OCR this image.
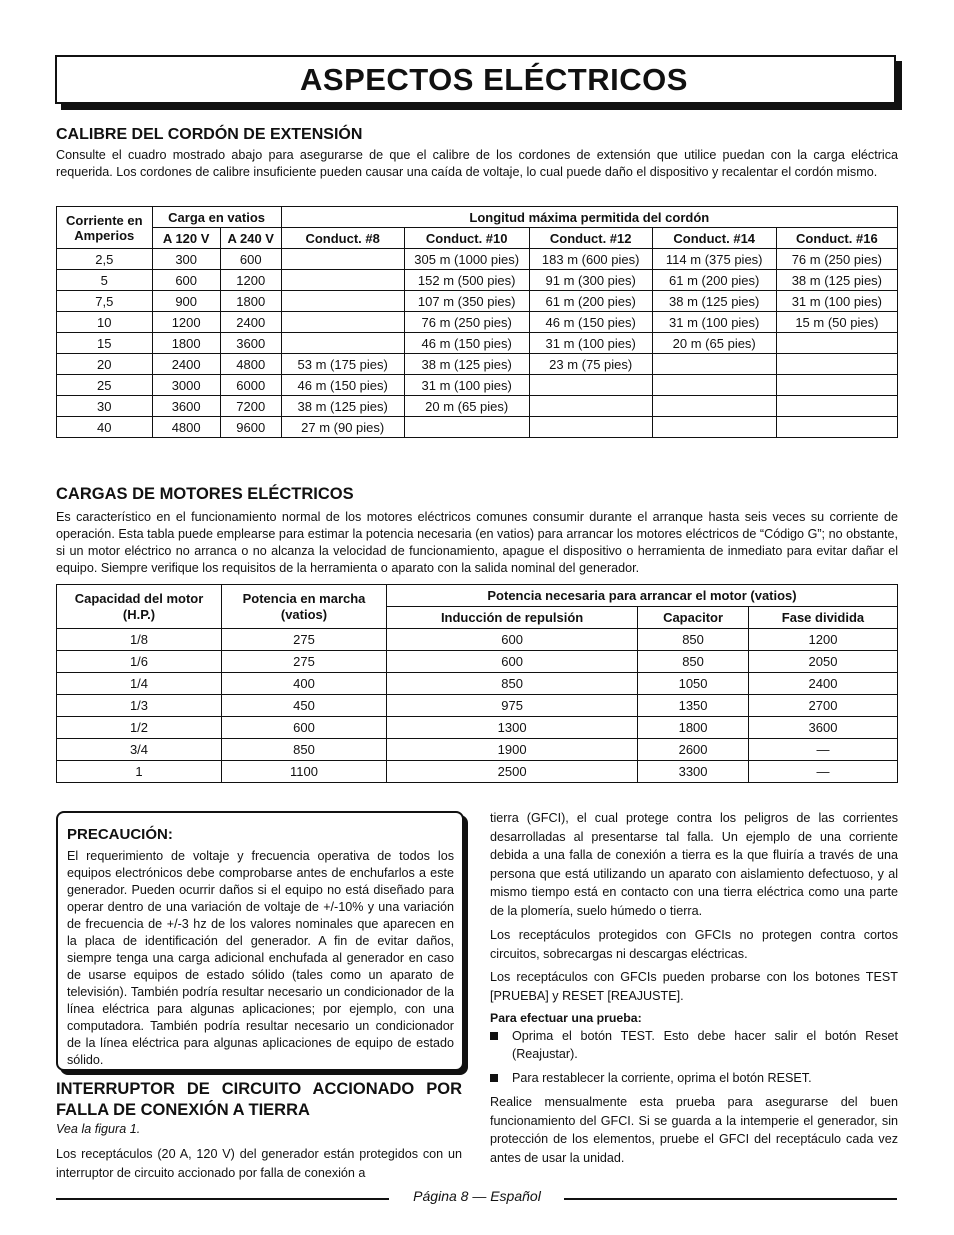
ASPECTOS ELÉCTRICOS
CALIBRE DEL CORDÓN DE EXTENSIÓN

Consulte el cuadro mostrado abajo para asegurarse de que el calibre de los cordones de extensión que utilice puedan con la carga eléctrica requerida. Los cordones de calibre insuficiente pueden causar una caída de voltaje, lo cual puede daño el dispositivo y recalentar el cordón mismo.

Corriente en Amperios	Carga en vatios		Longitud máxima permitida del cordón				
	A 120 V	A 240 V	Conduct. #8	Conduct. #10	Conduct. #12	Conduct. #14	Conduct. #16
2,5	300	600		305 m (1000 pies)	183 m (600 pies)	114 m (375 pies)	76 m (250 pies)
5	600	1200		152 m (500 pies)	91 m (300 pies)	61 m (200 pies)	38 m (125 pies)
7,5	900	1800		107 m (350 pies)	61 m (200 pies)	38 m (125 pies)	31 m (100 pies)
10	1200	2400		76 m (250 pies)	46 m (150 pies)	31 m (100 pies)	15 m (50 pies)
15	1800	3600		46 m (150 pies)	31 m (100 pies)	20 m (65 pies)	
20	2400	4800	53 m (175 pies)	38 m (125 pies)	23 m (75 pies)		
25	3000	6000	46 m (150 pies)	31 m (100 pies)			
30	3600	7200	38 m (125 pies)	20 m (65 pies)			
40	4800	9600	27 m (90 pies)				
CARGAS DE MOTORES ELÉCTRICOS

Es característico en el funcionamiento normal de los motores eléctricos comunes consumir durante el arranque hasta seis veces su corriente de operación. Esta tabla puede emplearse para estimar la potencia necesaria (en vatios) para arrancar los motores eléctricos de “Código G”; no obstante, si un motor eléctrico no arranca o no alcanza la velocidad de funcionamiento, apague el dispositivo o herramienta de inmediato para evitar dañar el equipo. Siempre verifique los requisitos de la herramienta o aparato con la salida nominal del generador.

Capacidad del motor (H.P.)	Potencia en marcha (vatios)	Potencia necesaria para arrancar el motor (vatios)		
		Inducción de repulsión	Capacitor	Fase dividida
1/8	275	600	850	1200
1/6	275	600	850	2050
1/4	400	850	1050	2400
1/3	450	975	1350	2700
1/2	600	1300	1800	3600
3/4	850	1900	2600	—
1	1100	2500	3300	—
PRECAUCIÓN:

El requerimiento de voltaje y frecuencia operativa de todos los equipos electrónicos debe comprobarse antes de enchufarlos a este generador. Pueden ocurrir daños si el equipo no está diseñado para operar dentro de una variación de voltaje de +/-10% y una variación de frecuencia de +/-3 hz de los valores nominales que aparecen en la placa de identificación del generador. A fin de evitar daños, siempre tenga una carga adicional enchufada al generador en caso de usarse equipos de estado sólido (tales como un aparato de televisión). También podría resultar necesario un condicionador de la línea eléctrica para algunas aplicaciones; por ejemplo, con una computadora. También podría resultar necesario un condicionador de la línea eléctrica para algunas aplicaciones de equipo de estado sólido.

INTERRUPTOR DE CIRCUITO ACCIONADO POR FALLA DE CONEXIÓN A TIERRA
Vea la figura 1.

Los receptáculos (20 A, 120 V) del generador están protegidos con un interruptor de circuito accionado por falla de conexión a

tierra (GFCI), el cual protege contra los peligros de las corrientes desarrolladas al presentarse tal falla. Un ejemplo de una corriente debida a una falla de conexión a tierra es la que fluiría a través de una persona que está utilizando un aparato con aislamiento defectuoso, y al mismo tiempo está en contacto con una tierra eléctrica como una parte de la plomería, suelo húmedo o tierra.

Los receptáculos protegidos con GFCIs no protegen contra cortos circuitos, sobrecargas ni descargas eléctricas.

Los receptáculos con GFCIs pueden probarse con los botones TEST [PRUEBA] y RESET [REAJUSTE].

Para efectuar una prueba:
Oprima el botón TEST. Esto debe hacer salir el botón Reset (Reajustar).
Para restablecer la corriente, oprima el botón RESET.

Realice mensualmente esta prueba para asegurarse del buen funcionamiento del GFCI. Si se guarda a la intemperie el generador, sin protección de los elementos, pruebe el GFCI del receptáculo cada vez antes de usar la unidad.

Página 8 — Español
